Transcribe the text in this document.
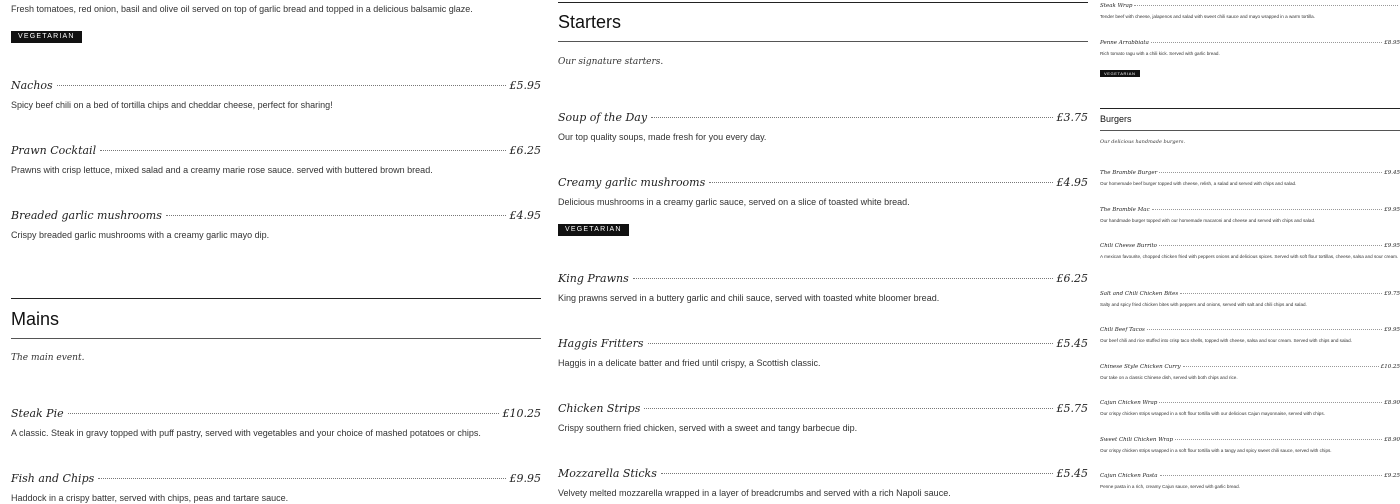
Fresh tomatoes, red onion, basil and olive oil served on top of garlic bread and topped in a delicious balsamic glaze.
VEGETARIAN
Nachos	£5.95
Spicy beef chili on a bed of tortilla chips and cheddar cheese, perfect for sharing!
Prawn Cocktail	£6.25
Prawns with crisp lettuce, mixed salad and a creamy marie rose sauce. served with buttered brown bread.
Breaded garlic mushrooms	£4.95
Crispy breaded garlic mushrooms with a creamy garlic mayo dip.
Mains
The main event.
Steak Pie	£10.25
A classic. Steak in gravy topped with puff pastry, served with vegetables and your choice of mashed potatoes or chips.
Fish and Chips	£9.95
Haddock in a crispy batter, served with chips, peas and tartare sauce.
Starters
Our signature starters.
Soup of the Day	£3.75
Our top quality soups, made fresh for you every day.
Creamy garlic mushrooms	£4.95
Delicious mushrooms in a creamy garlic sauce, served on a slice of toasted white bread.
VEGETARIAN
King Prawns	£6.25
King prawns served in a buttery garlic and chili sauce, served with toasted white bloomer bread.
Haggis Fritters	£5.45
Haggis in a delicate batter and fried until crispy, a Scottish classic.
Chicken Strips	£5.75
Crispy southern fried chicken, served with a sweet and tangy barbecue dip.
Mozzarella Sticks	£5.45
Velvety melted mozzarella wrapped in a layer of breadcrumbs and served with a rich Napoli sauce.
Steak Wrap
Tender beef with cheese, jalapenos and salad with sweet chili sauce and mayo wrapped in a warm tortilla.
Penne Arrabbiata	£8.95
Rich tomato ragu with a chili kick. Served with garlic bread.
VEGETARIAN
Burgers
Our delicious handmade burgers.
The Bramble Burger	£9.45
Our homemade beef burger topped with cheese, relish, a salad and served with chips and salad.
The Bramble Mac	£9.95
Our handmade burger topped with our homemade macaroni and cheese and served with chips and salad.
Chili Cheese Burrito	£9.95
A mexican favourite, chopped chicken fried with peppers onions and delicious spices. Served with soft flour tortillas, cheese, salsa and sour cream.
Salt and Chili Chicken Bites	£9.75
Salty and spicy fried chicken bites with peppers and onions, served with salt and chili chips and salad.
Chili Beef Tacos	£9.95
Our beef chili and rice stuffed into crisp taco shells, topped with cheese, salsa and sour cream. Served with chips and salad.
Chinese Style Chicken Curry	£10.25
Our take on a classic Chinese dish, served with both chips and rice.
Cajun Chicken Wrap	£8.90
Our crispy chicken strips wrapped in a soft flour tortilla with our delicious Cajun mayonnaise, served with chips.
Sweet Chili Chicken Wrap	£8.90
Our crispy chicken strips wrapped in a soft flour tortilla with a tangy and spicy sweet chili sauce, served with chips.
Cajun Chicken Pasta	£9.25
Penne pasta in a rich, creamy Cajun sauce, served with garlic bread.
